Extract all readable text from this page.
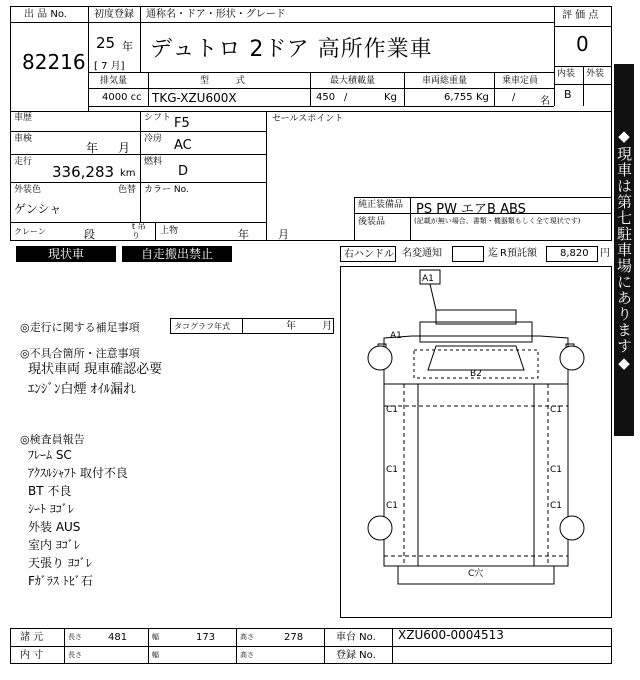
出 品 No.
82216
初度登録
25 年
[ 7 月]
通称名・ドア・形状・グレード
デュトロ 2ドア 高所作業車
評 価 点
0
内装 外装
B
排気量
4000 cc
型 式
TKG-XZU600X
最大積載量
450 /	Kg
車両総重量
6,755 Kg
乗車定員
/ 名
車歴	シフト F5
車検
年 月
冷房 AC
走行
336,283 km
燃料
D
外装色
ゲンシャ
色替 カラー No.
クレーン	段
t 吊り	上物	年	月
セールスポイント
純正装備品 PS PW エアB ABS
後装品	(記載が無い場合、書類・機器類もしく全て現状です)
現状車	自走搬出禁止	右ハンドル 名変通知	迄 R預託額 8,820 円 ◆現車は第七駐車場にあります◆
◎走行に関する補足事項	タコグラフ年式	年	月
◎不具合箇所・注意事項
現状車両 現車確認必要
ｴﾝｼﾞﾝ白煙 ｵｲﾙ漏れ
◎検査員報告
ﾌﾚｰﾑ SC
ｱｸｽﾙｼｬﾌﾄ 取付不良
BT 不良
ｼｰﾄ ﾖｺﾞﾚ
外装 AUS
室内 ﾖｺﾞﾚ
天張り ﾖｺﾞﾚ
Fｶﾞﾗｽ ﾄﾋﾞ石
A1
A1
B2
C1	C1
C1	C1
C1	C1
C穴
諸 元	長さ	481	幅	173	高さ	278	車台 No. XZU600-0004513
内 寸	長さ	幅	高さ	登録 No.
